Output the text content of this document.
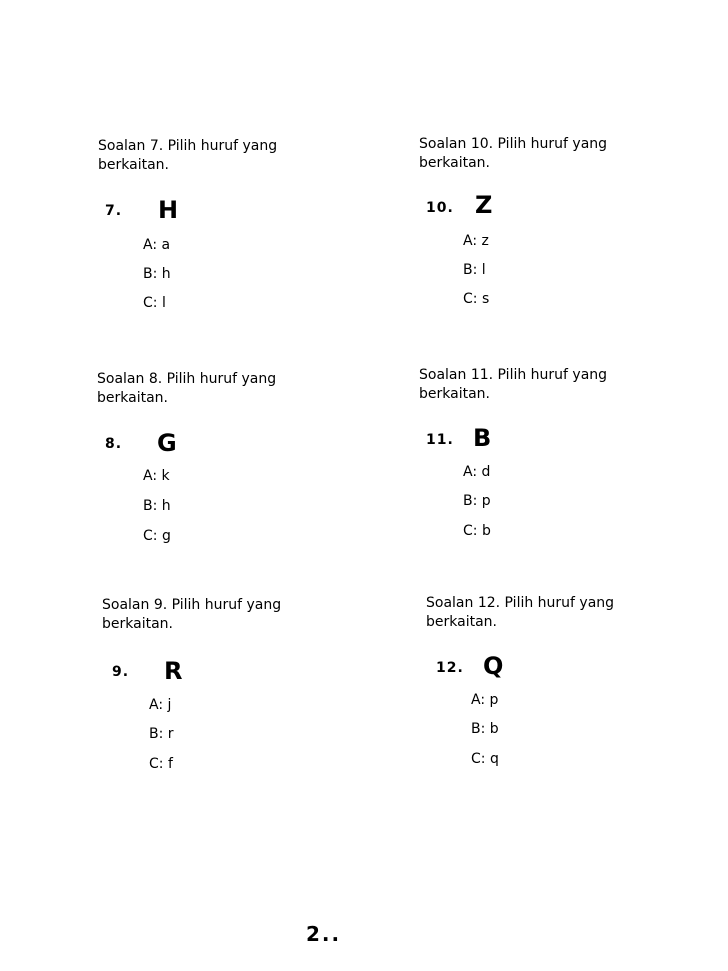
Soalan 7. Pilih huruf yang
berkaitan.

7. H
A: a
B: h
C: l

Soalan 8. Pilih huruf yang
berkaitan.

8. G
A: k
B: h
C: g

Soalan 9. Pilih huruf yang
berkaitan.

9. R
A: j
B: r
C: f

Soalan 10. Pilih huruf yang
berkaitan.

10. Z
A: z
B: l
C: s

Soalan 11. Pilih huruf yang
berkaitan.

11. B
A: d
B: p
C: b

Soalan 12. Pilih huruf yang
berkaitan.

12. Q
A: p
B: b
C: q
2..
